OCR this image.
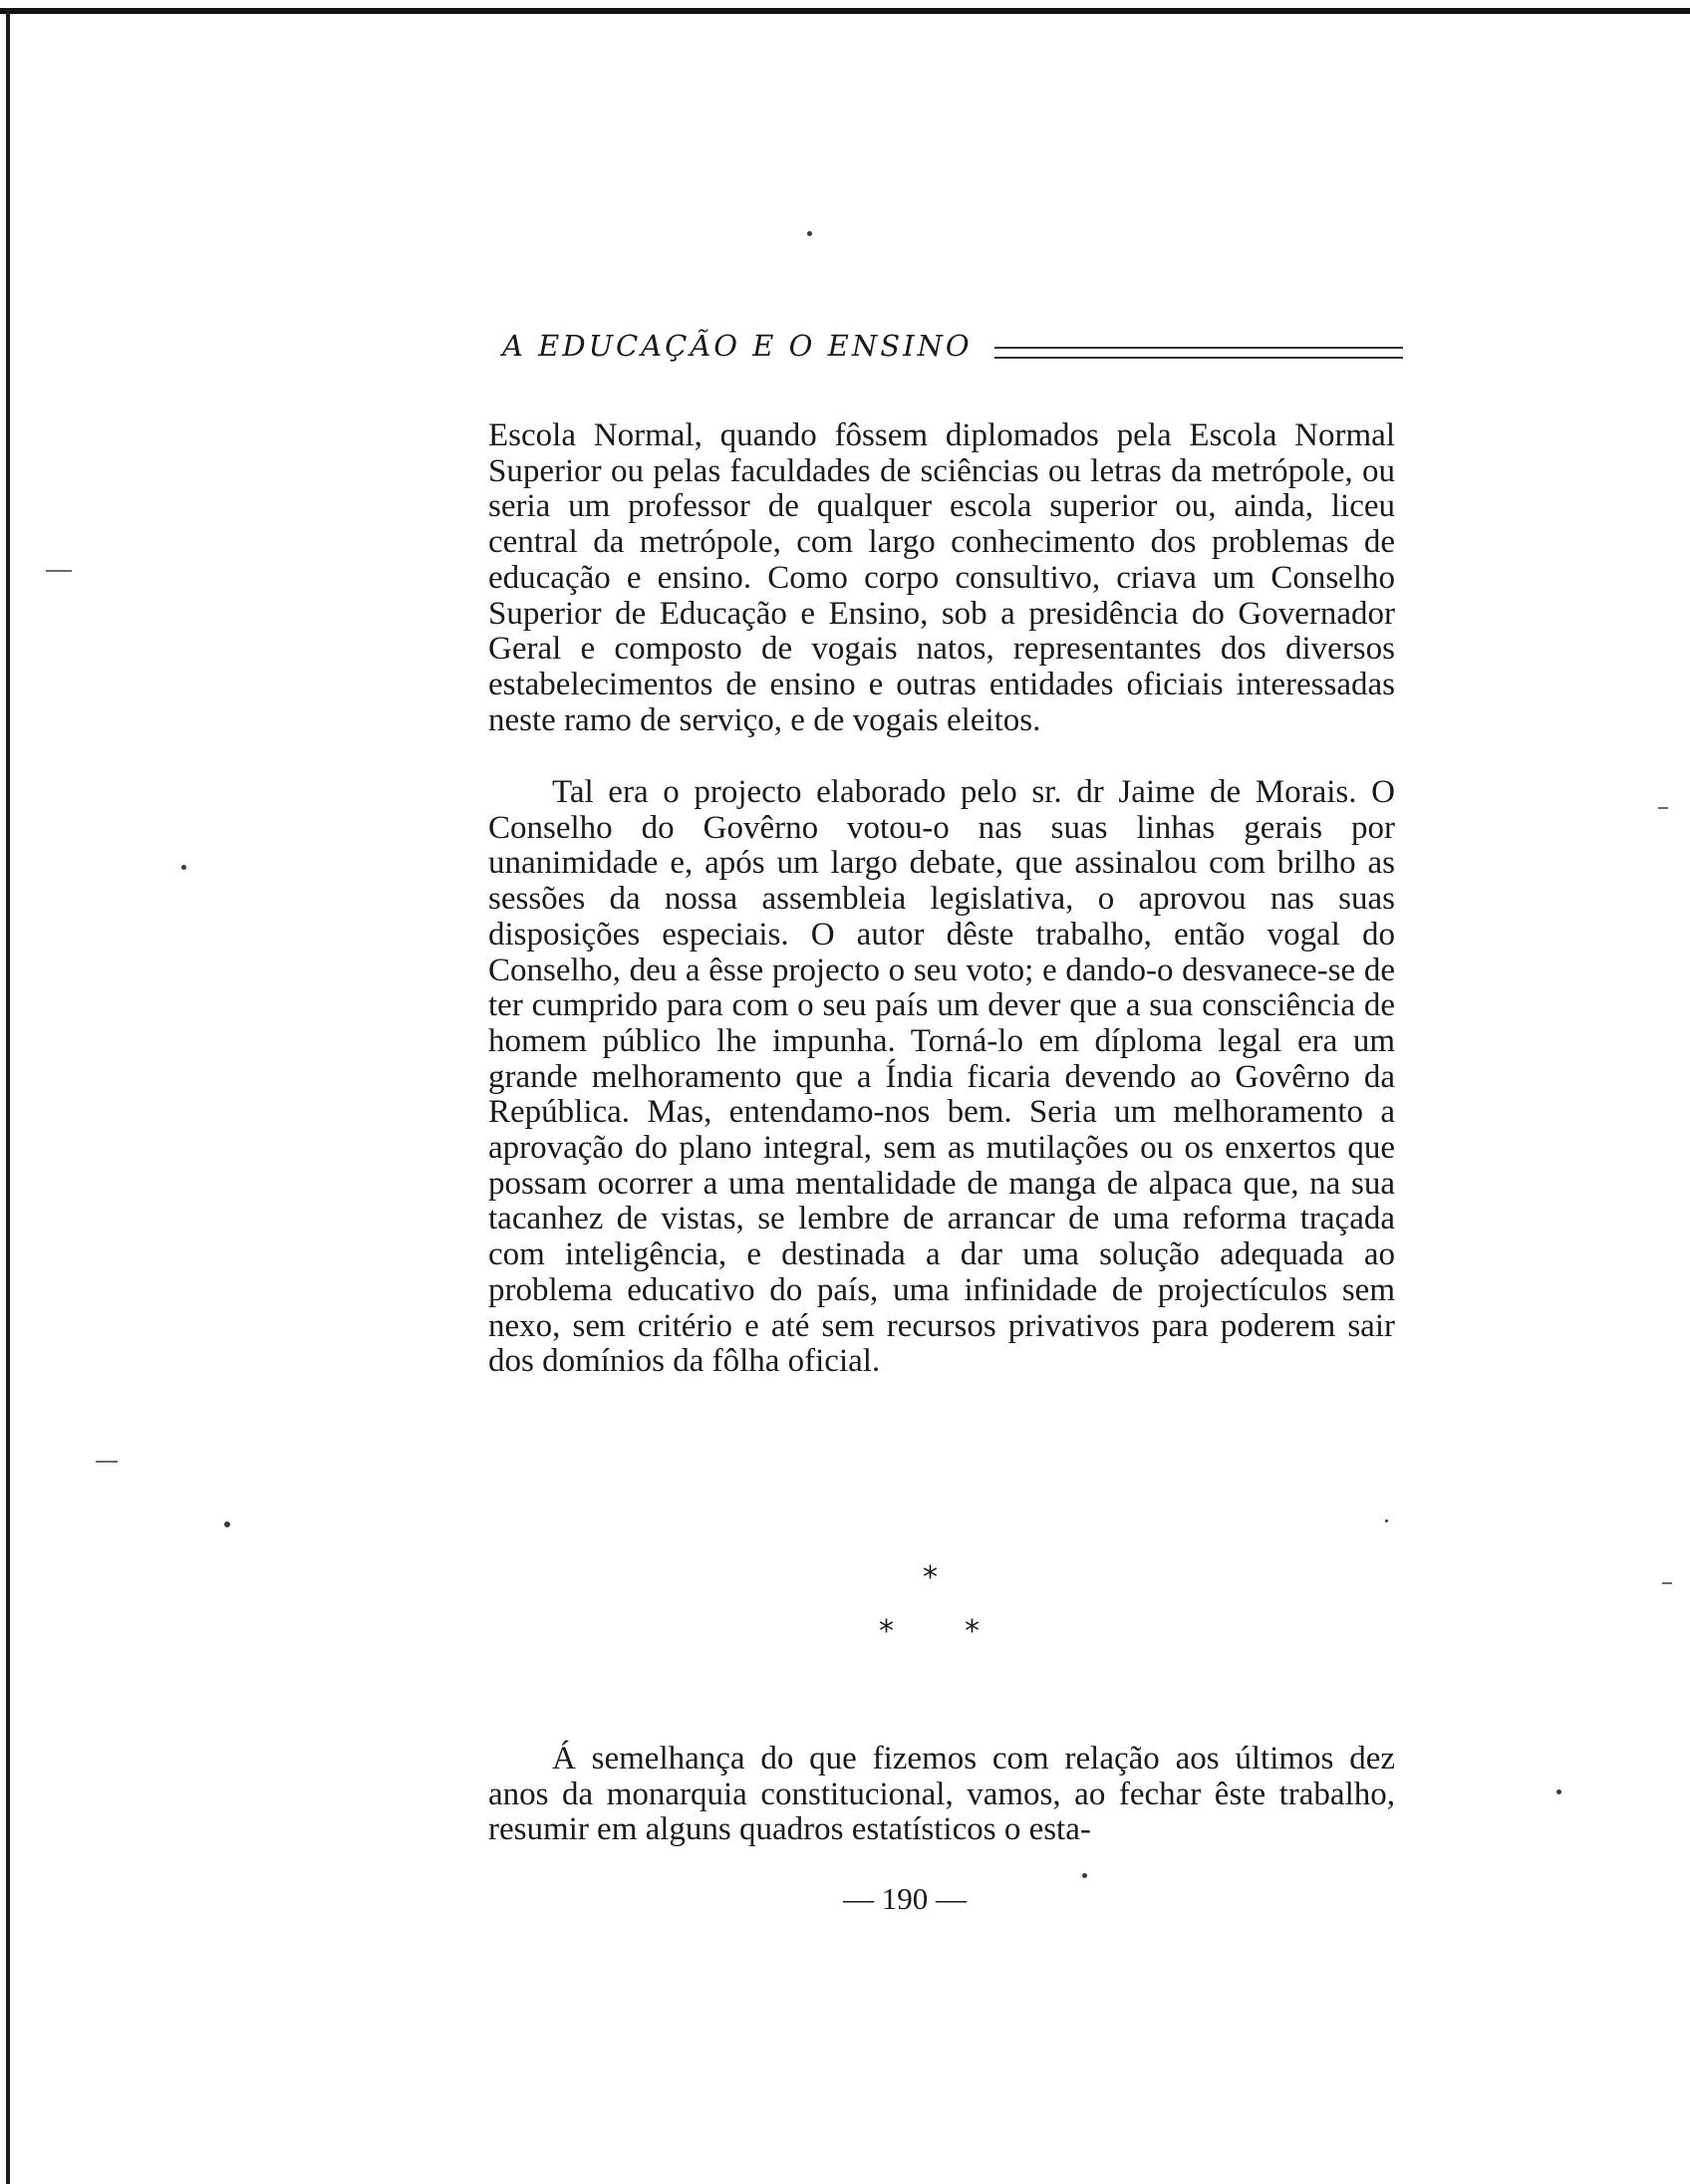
A EDUCAÇÃO E O ENSINO

Escola Normal, quando fôssem diplomados pela Escola Normal Superior ou pelas faculdades de sciências ou letras da metrópole, ou seria um professor de qualquer escola superior ou, ainda, liceu central da metrópole, com largo conhecimento dos problemas de educação e ensino. Como corpo consultivo, criava um Conselho Superior de Educação e Ensino, sob a presidência do Governador Geral e composto de vogais natos, representantes dos diversos estabelecimentos de ensino e outras entidades oficiais interessadas neste ramo de serviço, e de vogais eleitos.

Tal era o projecto elaborado pelo sr. dr Jaime de Morais. O Conselho do Govêrno votou-o nas suas linhas gerais por unanimidade e, após um largo debate, que assinalou com brilho as sessões da nossa assembleia legislativa, o aprovou nas suas disposições especiais. O autor dêste trabalho, então vogal do Conselho, deu a êsse projecto o seu voto; e dando-o desvanece-se de ter cumprido para com o seu país um dever que a sua consciência de homem público lhe impunha. Torná-lo em díploma legal era um grande melhoramento que a Índia ficaria devendo ao Govêrno da República. Mas, entendamo-nos bem. Seria um melhoramento a aprovação do plano integral, sem as mutilações ou os enxertos que possam ocorrer a uma mentalidade de manga de alpaca que, na sua tacanhez de vistas, se lembre de arrancar de uma reforma traçada com inteligência, e destinada a dar uma solução adequada ao problema educativo do país, uma infinidade de projectículos sem nexo, sem critério e até sem recursos privativos para poderem sair dos domínios da fôlha oficial.

*
* *

Á semelhança do que fizemos com relação aos últimos dez anos da monarquia constitucional, vamos, ao fechar êste trabalho, resumir em alguns quadros estatísticos o esta-

— 190 —
